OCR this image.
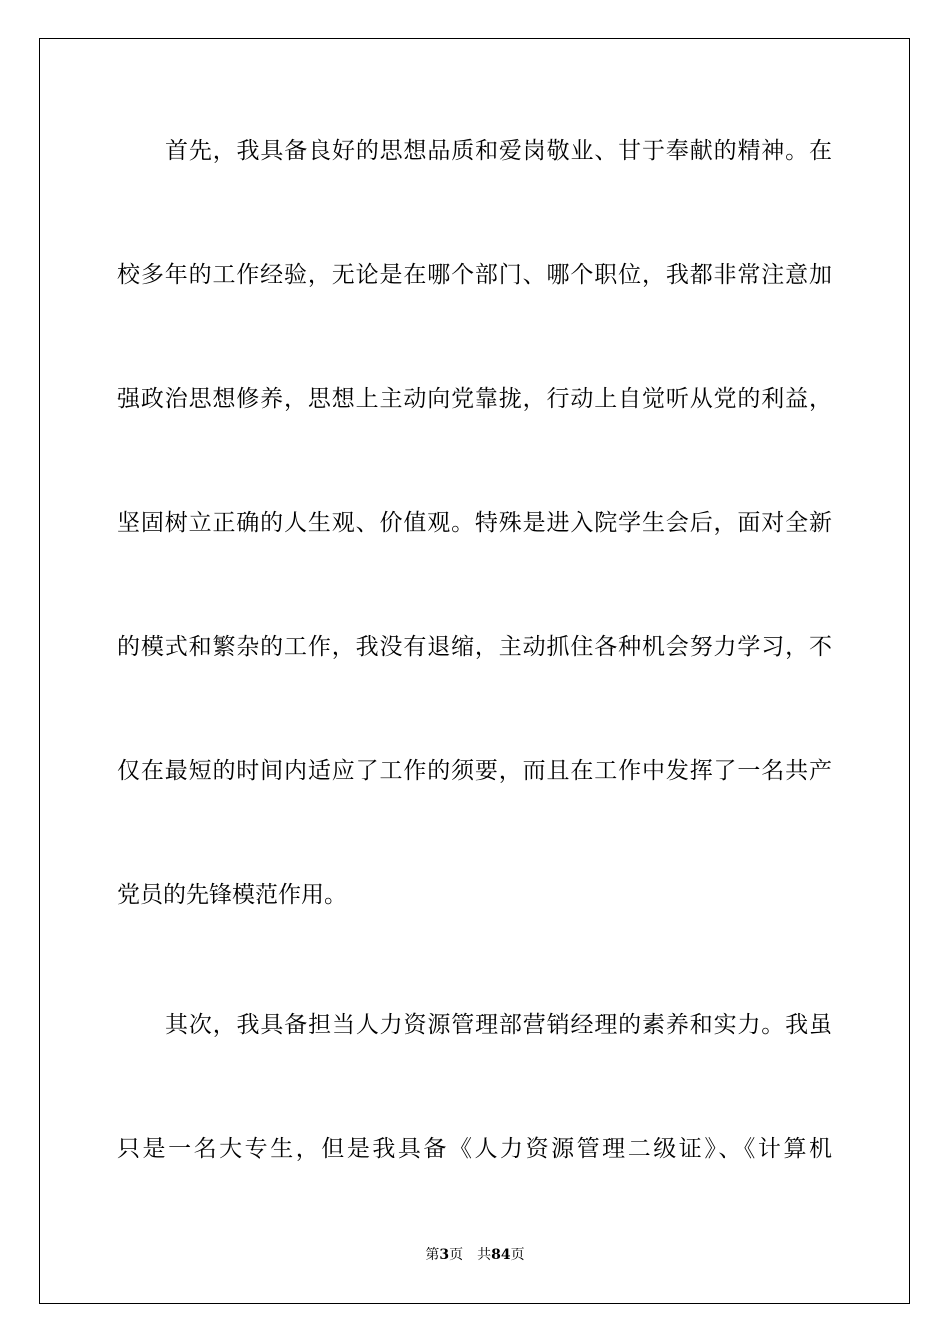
首先，我具备良好的思想品质和爱岗敬业、甘于奉献的精神。在
校多年的工作经验，无论是在哪个部门、哪个职位，我都非常注意加
强政治思想修养，思想上主动向党靠拢，行动上自觉听从党的利益，
坚固树立正确的人生观、价值观。特殊是进入院学生会后，面对全新
的模式和繁杂的工作，我没有退缩，主动抓住各种机会努力学习，不
仅在最短的时间内适应了工作的须要，而且在工作中发挥了一名共产
党员的先锋模范作用。
其次，我具备担当人力资源管理部营销经理的素养和实力。我虽
只是一名大专生，但是我具备《人力资源管理二级证》、《计算机
第3页 共84页
